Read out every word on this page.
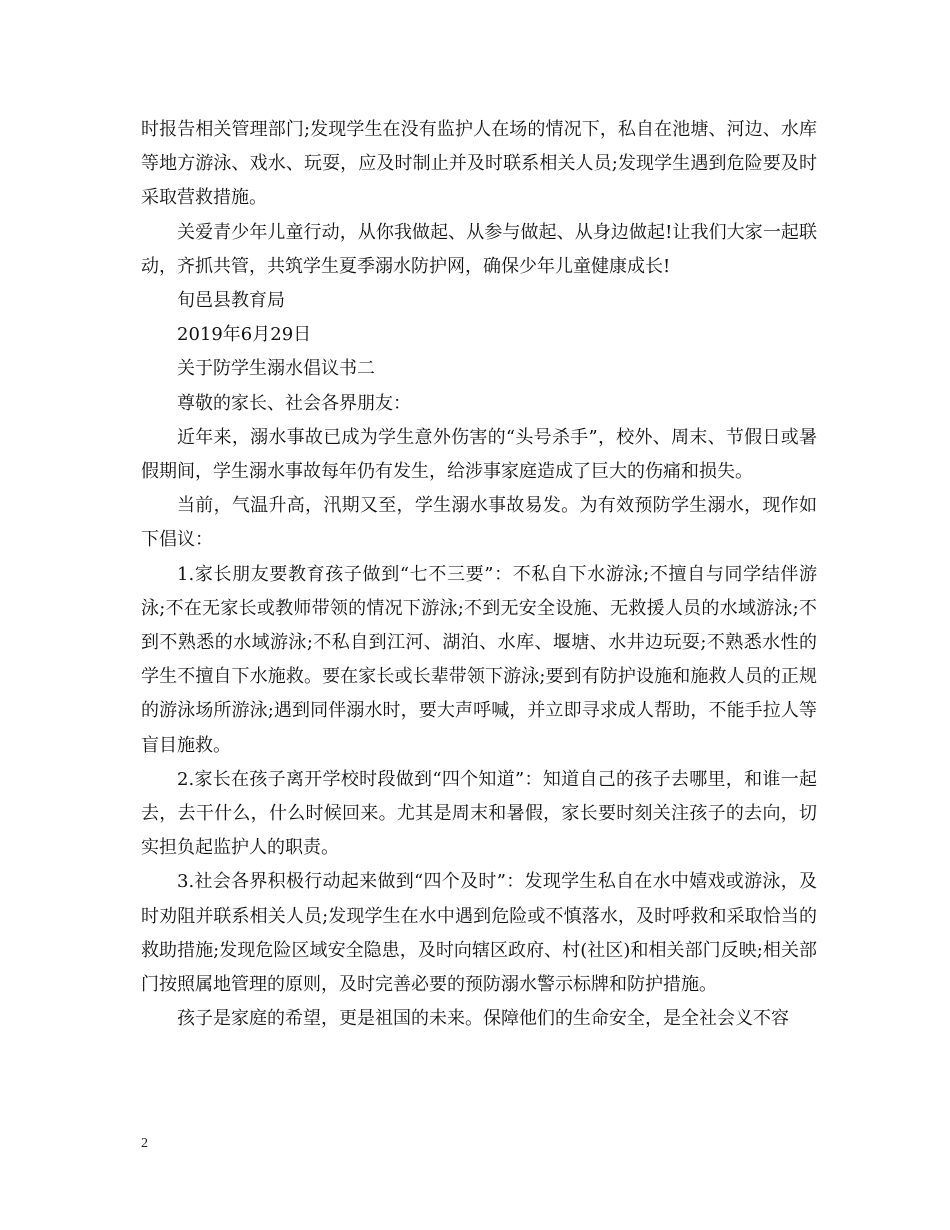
时报告相关管理部门;发现学生在没有监护人在场的情况下，私自在池塘、河边、水库等地方游泳、戏水、玩耍，应及时制止并及时联系相关人员;发现学生遇到危险要及时采取营救措施。

关爱青少年儿童行动，从你我做起、从参与做起、从身边做起!让我们大家一起联动，齐抓共管，共筑学生夏季溺水防护网，确保少年儿童健康成长!

旬邑县教育局

2019年6月29日

关于防学生溺水倡议书二

尊敬的家长、社会各界朋友：

近年来，溺水事故已成为学生意外伤害的“头号杀手”，校外、周末、节假日或暑假期间，学生溺水事故每年仍有发生，给涉事家庭造成了巨大的伤痛和损失。

当前，气温升高，汛期又至，学生溺水事故易发。为有效预防学生溺水，现作如下倡议：

1.家长朋友要教育孩子做到“七不三要”：不私自下水游泳;不擅自与同学结伴游泳;不在无家长或教师带领的情况下游泳;不到无安全设施、无救援人员的水域游泳;不到不熟悉的水域游泳;不私自到江河、湖泊、水库、堰塘、水井边玩耍;不熟悉水性的学生不擅自下水施救。要在家长或长辈带领下游泳;要到有防护设施和施救人员的正规的游泳场所游泳;遇到同伴溺水时，要大声呼喊，并立即寻求成人帮助，不能手拉人等盲目施救。

2.家长在孩子离开学校时段做到“四个知道”：知道自己的孩子去哪里，和谁一起去，去干什么，什么时候回来。尤其是周末和暑假，家长要时刻关注孩子的去向，切实担负起监护人的职责。

3.社会各界积极行动起来做到“四个及时”：发现学生私自在水中嬉戏或游泳，及时劝阻并联系相关人员;发现学生在水中遇到危险或不慎落水，及时呼救和采取恰当的救助措施;发现危险区域安全隐患，及时向辖区政府、村(社区)和相关部门反映;相关部门按照属地管理的原则，及时完善必要的预防溺水警示标牌和防护措施。

孩子是家庭的希望，更是祖国的未来。保障他们的生命安全，是全社会义不容

2
